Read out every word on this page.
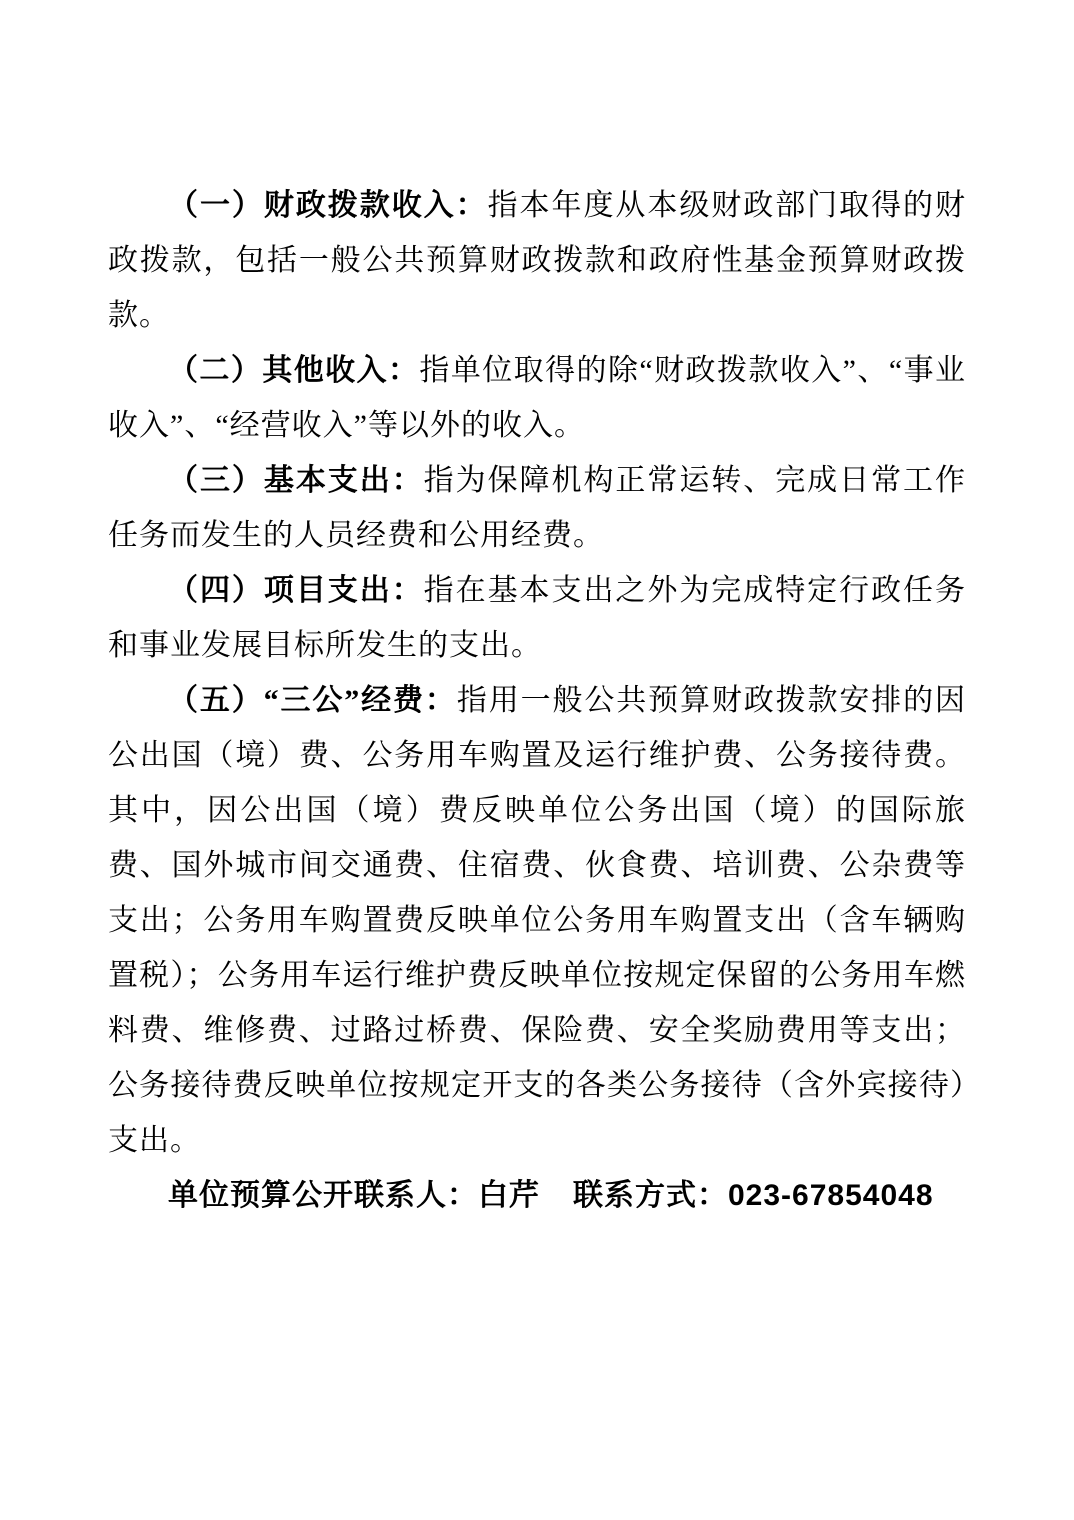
（一）财政拨款收入：指本年度从本级财政部门取得的财政拨款，包括一般公共预算财政拨款和政府性基金预算财政拨款。

（二）其他收入：指单位取得的除“财政拨款收入”、“事业收入”、“经营收入”等以外的收入。

（三）基本支出：指为保障机构正常运转、完成日常工作任务而发生的人员经费和公用经费。

（四）项目支出：指在基本支出之外为完成特定行政任务和事业发展目标所发生的支出。

（五）“三公”经费：指用一般公共预算财政拨款安排的因公出国（境）费、公务用车购置及运行维护费、公务接待费。其中，因公出国（境）费反映单位公务出国（境）的国际旅费、国外城市间交通费、住宿费、伙食费、培训费、公杂费等支出；公务用车购置费反映单位公务用车购置支出（含车辆购置税）；公务用车运行维护费反映单位按规定保留的公务用车燃料费、维修费、过路过桥费、保险费、安全奖励费用等支出；公务接待费反映单位按规定开支的各类公务接待（含外宾接待）支出。

单位预算公开联系人：白芹 联系方式：023-67854048
